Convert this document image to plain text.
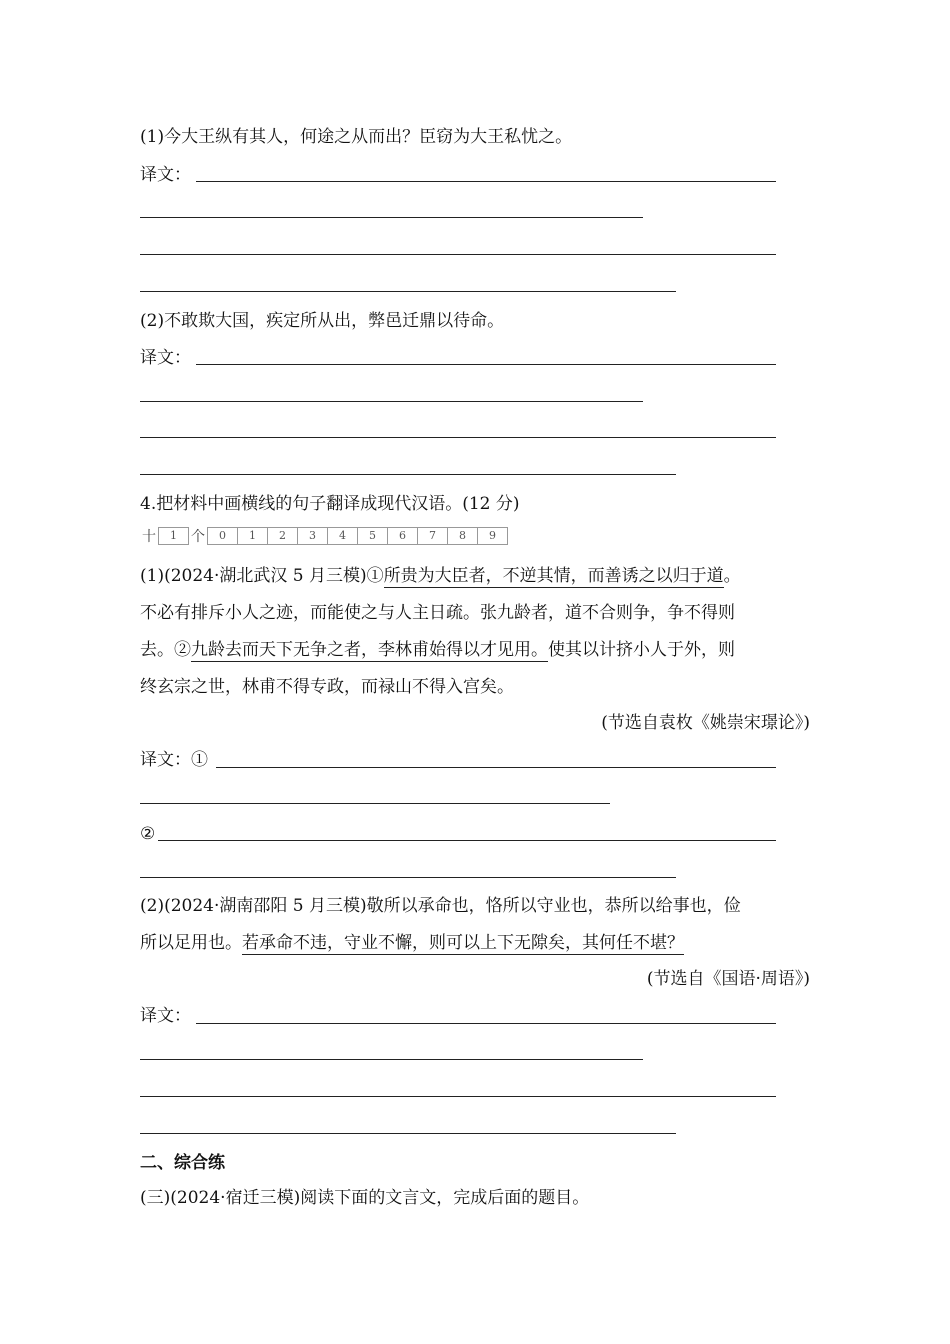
(1)今大王纵有其人，何途之从而出？臣窃为大王私忧之。
译文：
(2)不敢欺大国，疾定所从出，弊邑迁鼎以待命。
译文：
4.把材料中画横线的句子翻译成现代汉语。(12 分)
十	1	个	0	1	2	3	4	5	6	7	8	9
(1)(2024·湖北武汉 5 月三模)①所贵为大臣者，不逆其情，而善诱之以归于道。
不必有排斥小人之迹，而能使之与人主日疏。张九龄者，道不合则争，争不得则
去。②九龄去而天下无争之者，李林甫始得以才见用。使其以计挤小人于外，则
终玄宗之世，林甫不得专政，而禄山不得入宫矣。
(节选自袁枚《姚崇宋璟论》)
译文：①
②
(2)(2024·湖南邵阳 5 月三模)敬所以承命也，恪所以守业也，恭所以给事也，俭
所以足用也。若承命不违，守业不懈，则可以上下无隙矣，其何任不堪？
(节选自《国语·周语》)
译文：
二、综合练
(三)(2024·宿迁三模)阅读下面的文言文，完成后面的题目。
